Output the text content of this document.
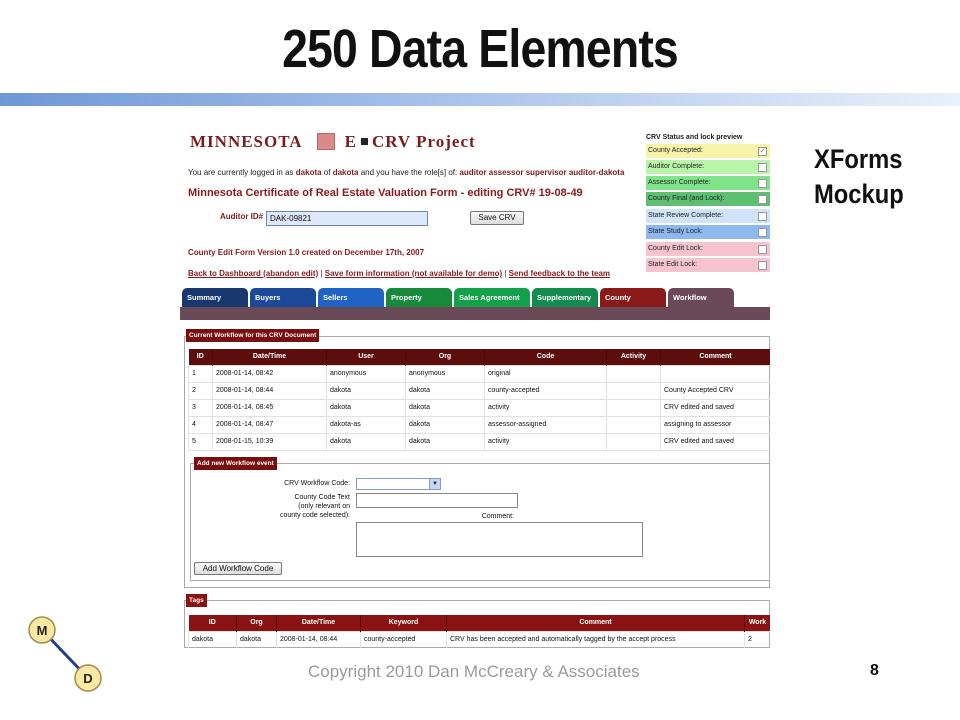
250 Data Elements
XForms
Mockup
MINNESOTA E CRV Project
You are currently logged in as dakota of dakota and you have the role[s] of: auditor assessor supervisor auditor-dakota
Minnesota Certificate of Real Estate Valuation Form - editing CRV# 19-08-49
Auditor ID#
DAK-09821	Save CRV
County Edit Form Version 1.0 created on December 17th, 2007
Back to Dashboard (abandon edit) | Save form information (not available for demo) | Send feedback to the team
CRV Status and lock preview
County Accepted:	✓
Auditor Complete:
Assessor Complete:
County Final (and Lock):
State Review Complete:
State Study Lock:
County Edit Lock:
State Edit Lock:
Summary	Buyers	Sellers	Property	Sales Agreement	Supplementary	County	Workflow
Current Workflow for this CRV Document
ID	Date/Time	User	Org	Code	Activity	Comment
1	2008-01-14, 08:42	anonymous	anonymous	original		
2	2008-01-14, 08:44	dakota	dakota	county-accepted		County Accepted CRV
3	2008-01-14, 08:45	dakota	dakota	activity		CRV edited and saved
4	2008-01-14, 08:47	dakota-as	dakota	assessor-assigned		assigning to assessor
5	2008-01-15, 10:39	dakota	dakota	activity		CRV edited and saved
Add new Workflow event
CRV Workflow Code:	▼
County Code Text
(only relevant on
county code selected):	Comment:
Add Workflow Code
Tags
ID	Org	Date/Time	Keyword	Comment	Work
dakota	dakota	2008-01-14, 08:44	county-accepted	CRV has been accepted and automatically tagged by the accept process	2
M
D	Copyright 2010 Dan McCreary & Associates	8
